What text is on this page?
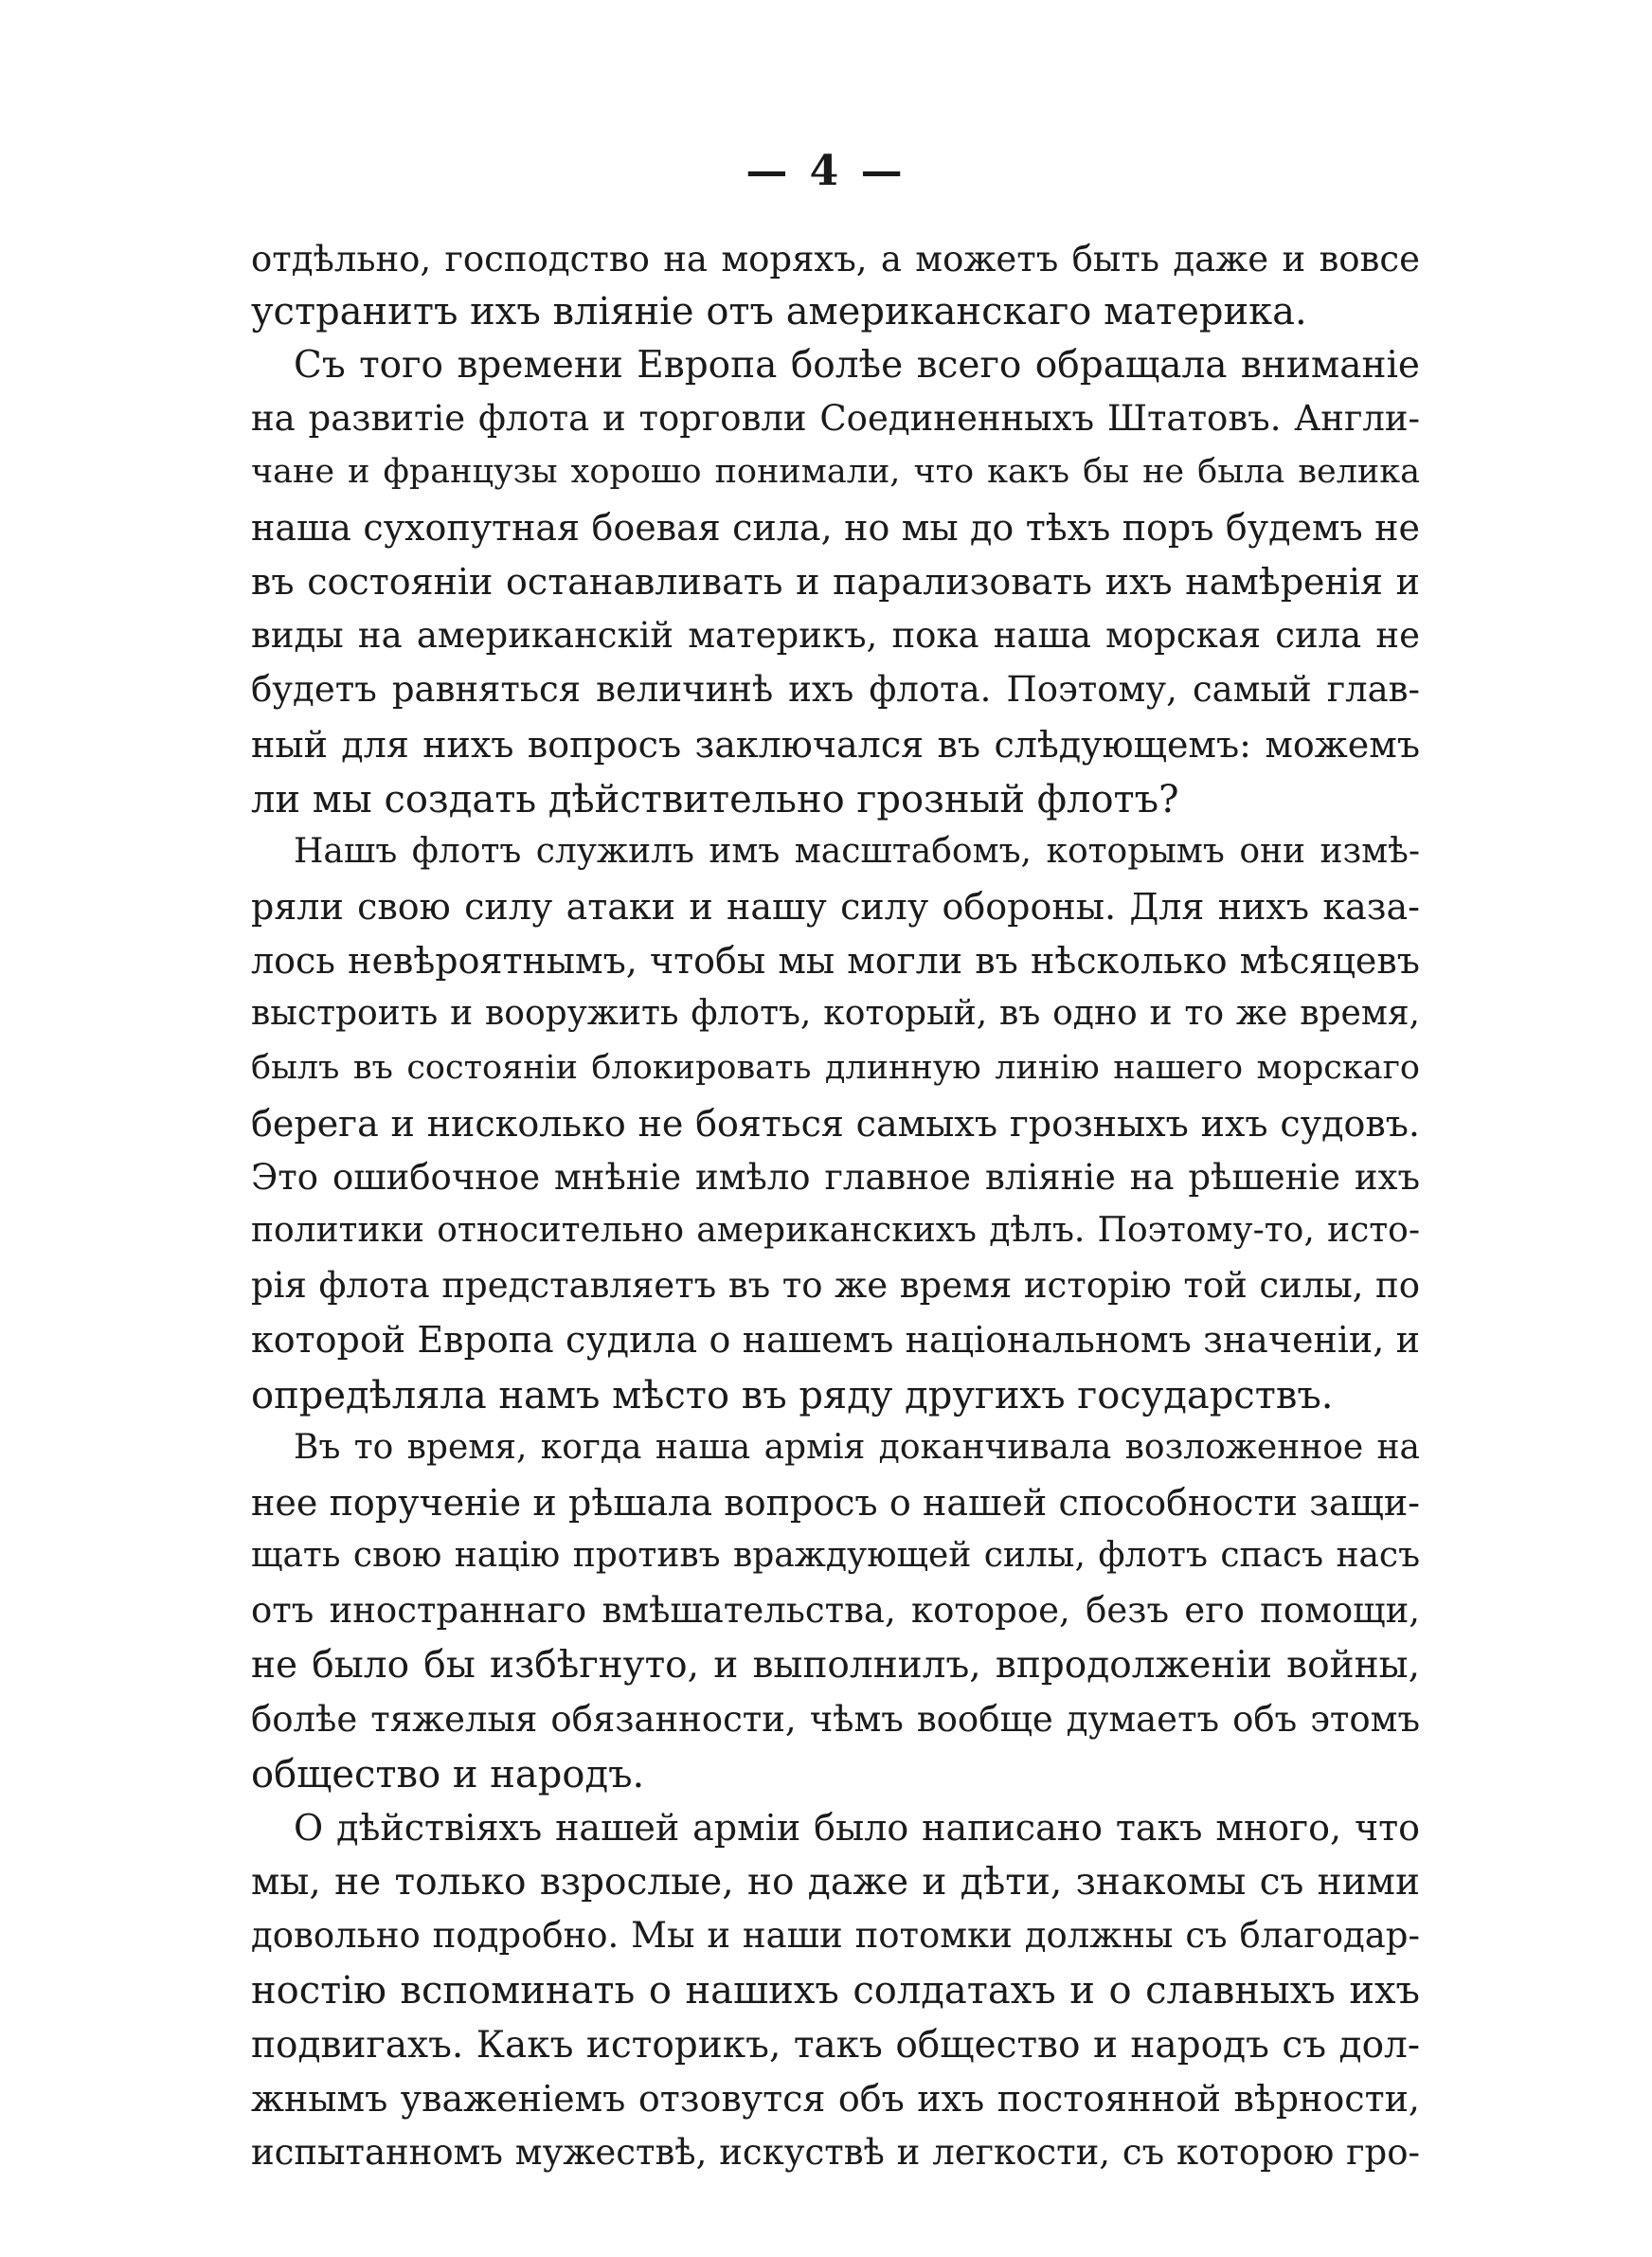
— 4 —
отдѣльно, господство на моряхъ, а можетъ быть даже и вовсе
устранитъ ихъ вліяніе отъ американскаго материка.
Съ того времени Европа болѣе всего обращала вниманіе
на развитіе флота и торговли Соединенныхъ Штатовъ. Англи-
чане и французы хорошо понимали, что какъ бы не была велика
наша сухопутная боевая сила, но мы до тѣхъ поръ будемъ не
въ состояніи останавливать и парализовать ихъ намѣренія и
виды на американскій материкъ, пока наша морская сила не
будетъ равняться величинѣ ихъ флота. Поэтому, самый глав-
ный для нихъ вопросъ заключался въ слѣдующемъ: можемъ
ли мы создать дѣйствительно грозный флотъ?
Нашъ флотъ служилъ имъ масштабомъ, которымъ они измѣ-
ряли свою силу атаки и нашу силу обороны. Для нихъ каза-
лось невѣроятнымъ, чтобы мы могли въ нѣсколько мѣсяцевъ
выстроить и вооружить флотъ, который, въ одно и то же время,
былъ въ состояніи блокировать длинную линію нашего морскаго
берега и нисколько не бояться самыхъ грозныхъ ихъ судовъ.
Это ошибочное мнѣніе имѣло главное вліяніе на рѣшеніе ихъ
политики относительно американскихъ дѣлъ. Поэтому-то, исто-
рія флота представляетъ въ то же время исторію той силы, по
которой Европа судила о нашемъ національномъ значеніи, и
опредѣляла намъ мѣсто въ ряду другихъ государствъ.
Въ то время, когда наша армія доканчивала возложенное на
нее порученіе и рѣшала вопросъ о нашей способности защи-
щать свою націю противъ враждующей силы, флотъ спасъ насъ
отъ иностраннаго вмѣшательства, которое, безъ его помощи,
не было бы избѣгнуто, и выполнилъ, впродолженіи войны,
болѣе тяжелыя обязанности, чѣмъ вообще думаетъ объ этомъ
общество и народъ.
О дѣйствіяхъ нашей арміи было написано такъ много, что
мы, не только взрослые, но даже и дѣти, знакомы съ ними
довольно подробно. Мы и наши потомки должны съ благодар-
ностію вспоминать о нашихъ солдатахъ и о славныхъ ихъ
подвигахъ. Какъ историкъ, такъ общество и народъ съ дол-
жнымъ уваженіемъ отзовутся объ ихъ постоянной вѣрности,
испытанномъ мужествѣ, искуствѣ и легкости, съ которою гро-
